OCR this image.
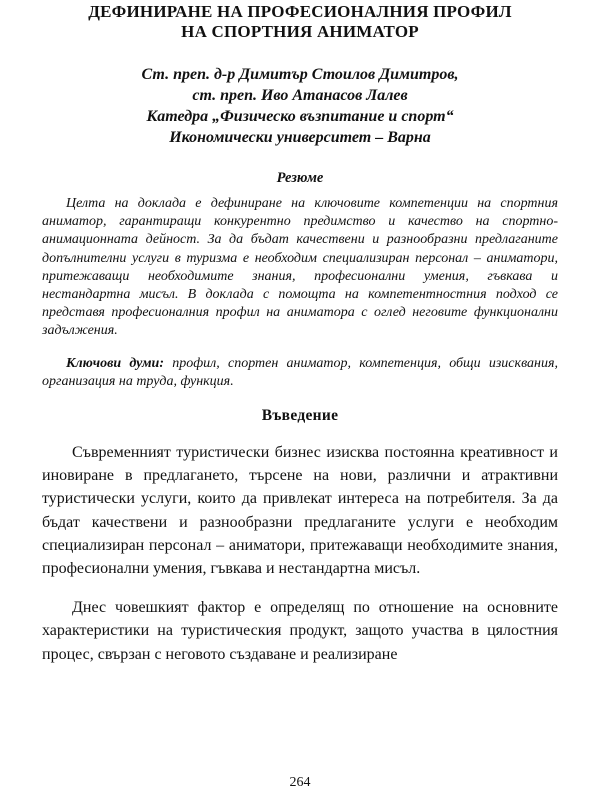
ДЕФИНИРАНЕ НА ПРОФЕСИОНАЛНИЯ ПРОФИЛ
НА СПОРТНИЯ АНИМАТОР
Ст. преп. д-р Димитър Стоилов Димитров,
ст. преп. Иво Атанасов Лалев
Катедра „Физическо възпитание и спорт“
Икономически университет – Варна
Резюме

Целта на доклада е дефиниране на ключовите компетенции на спортния аниматор, гарантиращи конкурентно предимство и качество на спортно-анимационната дейност. За да бъдат качествени и разнообразни предлаганите допълнителни услуги в туризма е необходим специализиран персонал – аниматори, притежаващи необходимите знания, професионални умения, гъвкава и нестандартна мисъл. В доклада с помощта на компетентностния подход се представя професионалния профил на аниматора с оглед неговите функционални задължения.

Ключови думи: профил, спортен аниматор, компетенция, общи изисквания, организация на труда, функция.

Въведение

Съвременният туристически бизнес изисква постоянна креативност и иновиране в предлагането, търсене на нови, различни и атрактивни туристически услуги, които да привлекат интереса на потребителя. За да бъдат качествени и разнообразни предлаганите услуги е необходим специализиран персонал – аниматори, притежаващи необходимите знания, професионални умения, гъвкава и нестандартна мисъл.

Днес човешкият фактор е определящ по отношение на основните характеристики на туристическия продукт, защото участва в цялостния процес, свързан с неговото създаване и реализиране

264
